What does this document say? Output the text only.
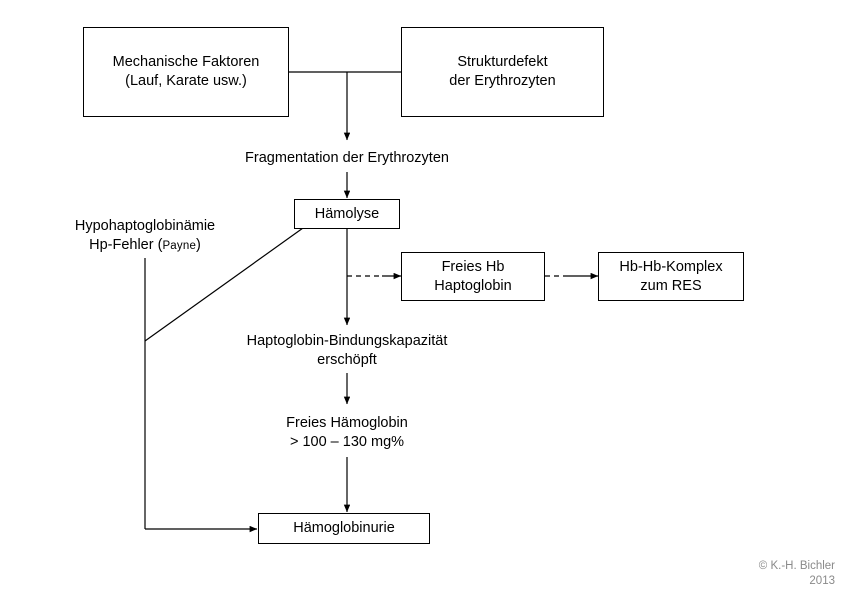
Mechanische Faktoren
(Lauf, Karate usw.)
Strukturdefekt
der Erythrozyten
Fragmentation der Erythrozyten
Hämolyse
Hypohaptoglobinämie
Hp-Fehler (Payne)
Freies Hb
Haptoglobin
Hb-Hb-Komplex
zum RES
Haptoglobin-Bindungskapazität
erschöpft
Freies Hämoglobin
> 100 – 130 mg%
Hämoglobinurie
© K.-H. Bichler
2013
